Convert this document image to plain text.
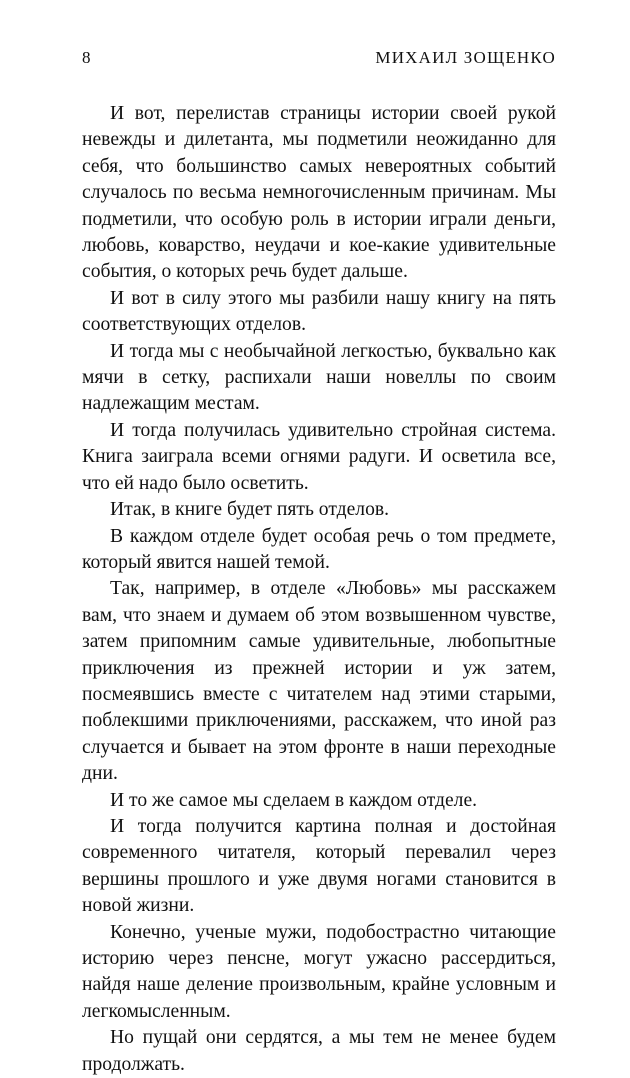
8	МИХАИЛ ЗОЩЕНКО

И вот, перелистав страницы истории своей рукой невежды и дилетанта, мы подметили неожиданно для себя, что большинство самых невероятных событий случалось по весьма немногочисленным причинам. Мы подметили, что особую роль в истории играли деньги, любовь, коварство, неудачи и кое-какие удивительные события, о которых речь будет дальше.

И вот в силу этого мы разбили нашу книгу на пять соответствующих отделов.

И тогда мы с необычайной легкостью, буквально как мячи в сетку, распихали наши новеллы по своим надлежащим местам.

И тогда получилась удивительно стройная система. Книга заиграла всеми огнями радуги. И осветила все, что ей надо было осветить.

Итак, в книге будет пять отделов.

В каждом отделе будет особая речь о том предмете, который явится нашей темой.

Так, например, в отделе «Любовь» мы расскажем вам, что знаем и думаем об этом возвышенном чувстве, затем припомним самые удивительные, любопытные приключения из прежней истории и уж затем, посмеявшись вместе с читателем над этими старыми, поблекшими приключениями, расскажем, что иной раз случается и бывает на этом фронте в наши переходные дни.

И то же самое мы сделаем в каждом отделе.

И тогда получится картина полная и достойная современного читателя, который перевалил через вершины прошлого и уже двумя ногами становится в новой жизни.

Конечно, ученые мужи, подобострастно читающие историю через пенсне, могут ужасно рассердиться, найдя наше деление произвольным, крайне условным и легкомысленным.

Но пущай они сердятся, а мы тем не менее будем продолжать.
